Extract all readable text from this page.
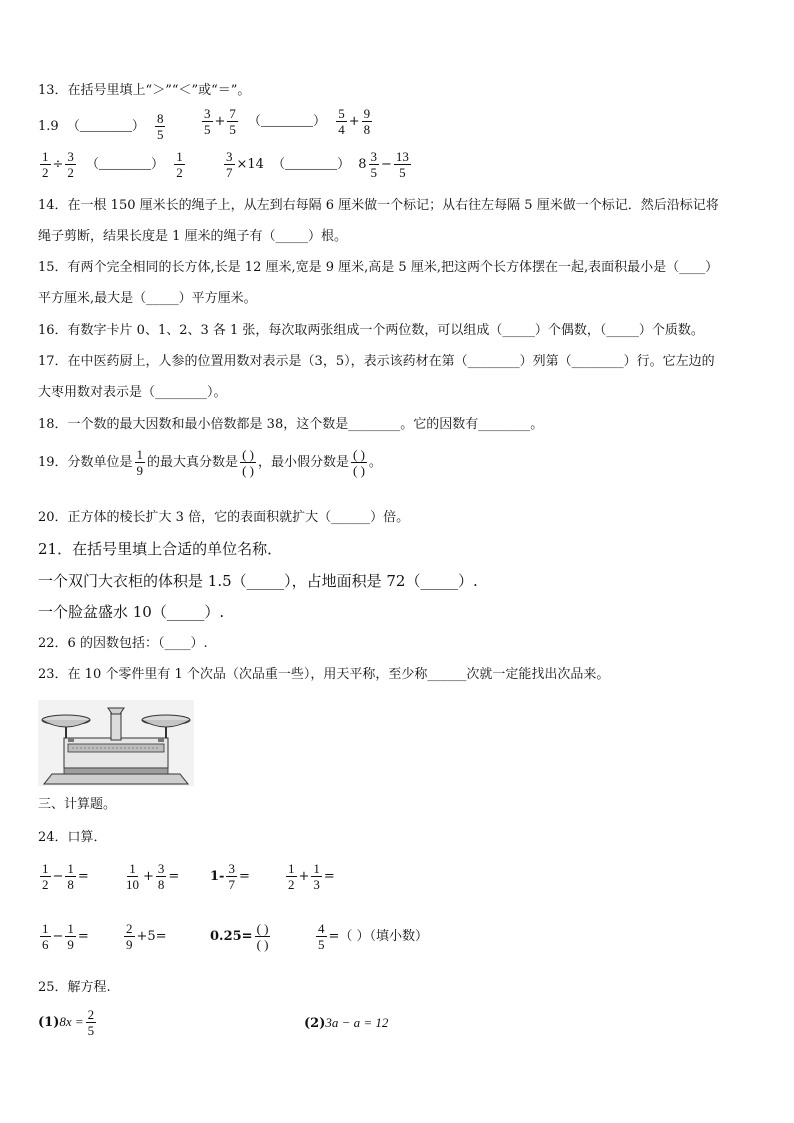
13．在括号里填上“＞”“＜”或“＝”。
1.9 （________） $\frac{8}{5}$	$\frac{3}{5} + \frac{7}{5}$ （________） $\frac{5}{4} + \frac{9}{8}$
$\frac{1}{2} \div \frac{3}{2}$ （________） $\frac{1}{2}$	$\frac{3}{7} \times 14$ （________） $8 \frac{3}{5} - \frac{13}{5}$
14．在一根 150 厘米长的绳子上，从左到右每隔 6 厘米做一个标记；从右往左每隔 5 厘米做一个标记．然后沿标记将
绳子剪断，结果长度是 1 厘米的绳子有（_____）根。
15．有两个完全相同的长方体,长是 12 厘米,宽是 9 厘米,高是 5 厘米,把这两个长方体摆在一起,表面积最小是（____）
平方厘米,最大是（_____）平方厘米。
16．有数字卡片 0、1、2、3 各 1 张，每次取两张组成一个两位数，可以组成（_____）个偶数，（_____）个质数。
17．在中医药厨上，人参的位置用数对表示是（3，5），表示该药材在第（________）列第（________）行。它左边的
大枣用数对表示是（________）。
18．一个数的最大因数和最小倍数都是 38，这个数是________。它的因数有________。
19．分数单位是 $\frac{1}{9}$ 的最大真分数是 $\frac{( )}{( )}$ ，最小假分数是 $\frac{( )}{( )}$ 。
20．正方体的棱长扩大 3 倍，它的表面积就扩大（______）倍。
21．在括号里填上合适的单位名称．
一个双门大衣柜的体积是 1.5（_____），占地面积是 72（_____）.
一个脸盆盛水 10（_____）.
22．6 的因数包括：（____）.
23．在 10 个零件里有 1 个次品（次品重一些），用天平称，至少称______次就一定能找出次品来。
三、计算题。
24．口算．
$\frac{1}{2} - \frac{1}{8}$ =	$\frac{1}{10} + \frac{3}{8} = 1- \frac{3}{7}$ =	$\frac{1}{2} + \frac{1}{3}$ =
$\frac{1}{6} - \frac{1}{9}$ =	$\frac{2}{9} +5=$	$0.25= \frac{( )}{( )}$	$\frac{4}{5}$ =（ ）（填小数）
25．解方程.
$(1)8x = \frac{2}{5}$	(2)3a − a = 12
